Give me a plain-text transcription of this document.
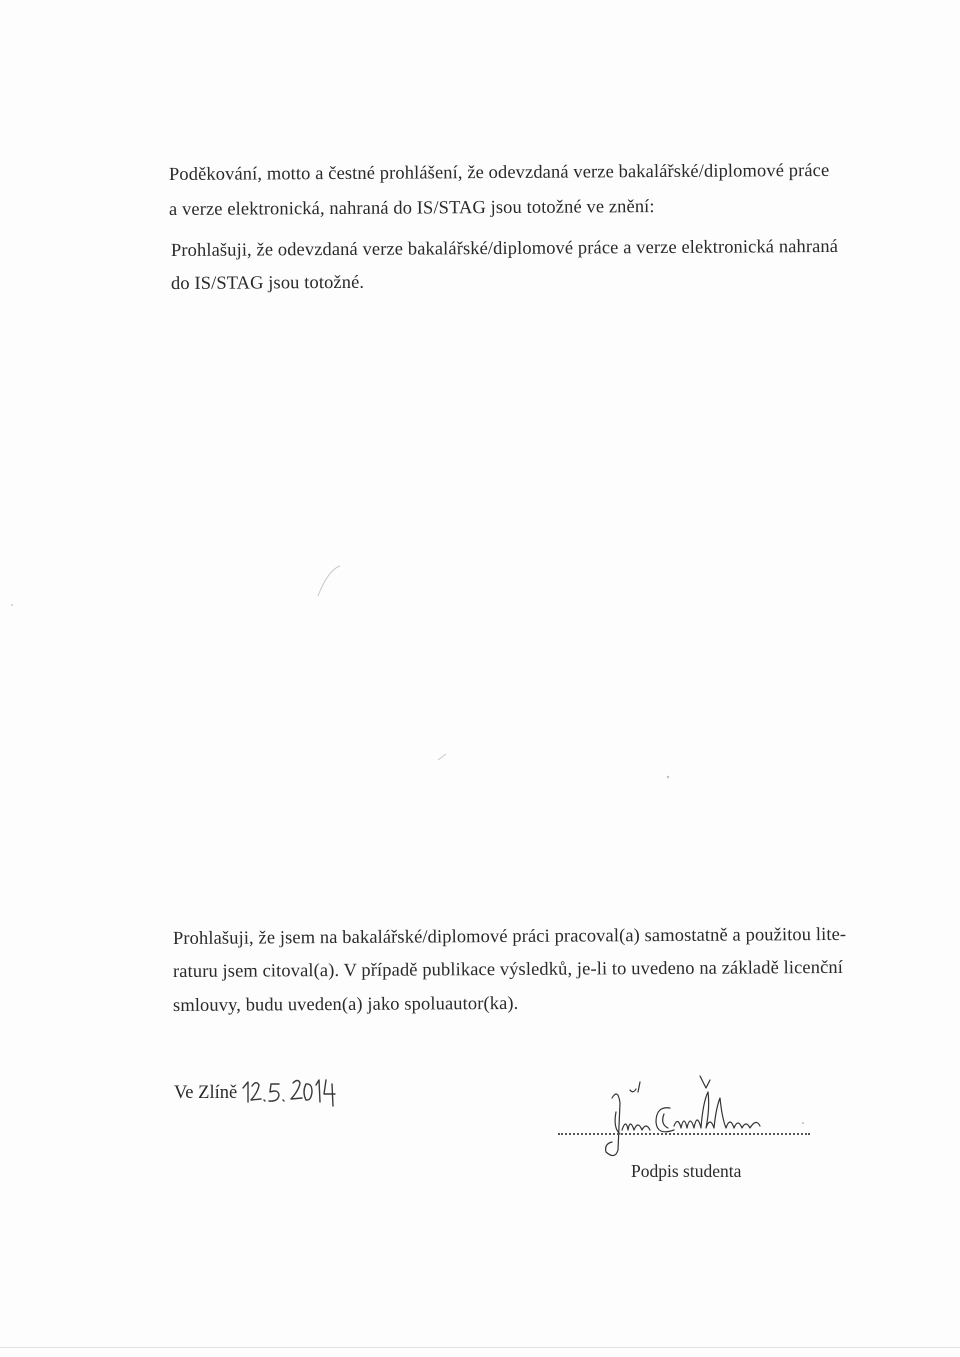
Poděkování, motto a čestné prohlášení, že odevzdaná verze bakalářské/diplomové práce
a verze elektronická, nahraná do IS/STAG jsou totožné ve znění:
Prohlašuji, že odevzdaná verze bakalářské/diplomové práce a verze elektronická nahraná
do IS/STAG jsou totožné.
Prohlašuji, že jsem na bakalářské/diplomové práci pracoval(a) samostatně a použitou lite-
raturu jsem citoval(a). V případě publikace výsledků, je-li to uvedeno na základě licenční
smlouvy, budu uveden(a) jako spoluautor(ka).
Ve Zlíně
Podpis studenta
